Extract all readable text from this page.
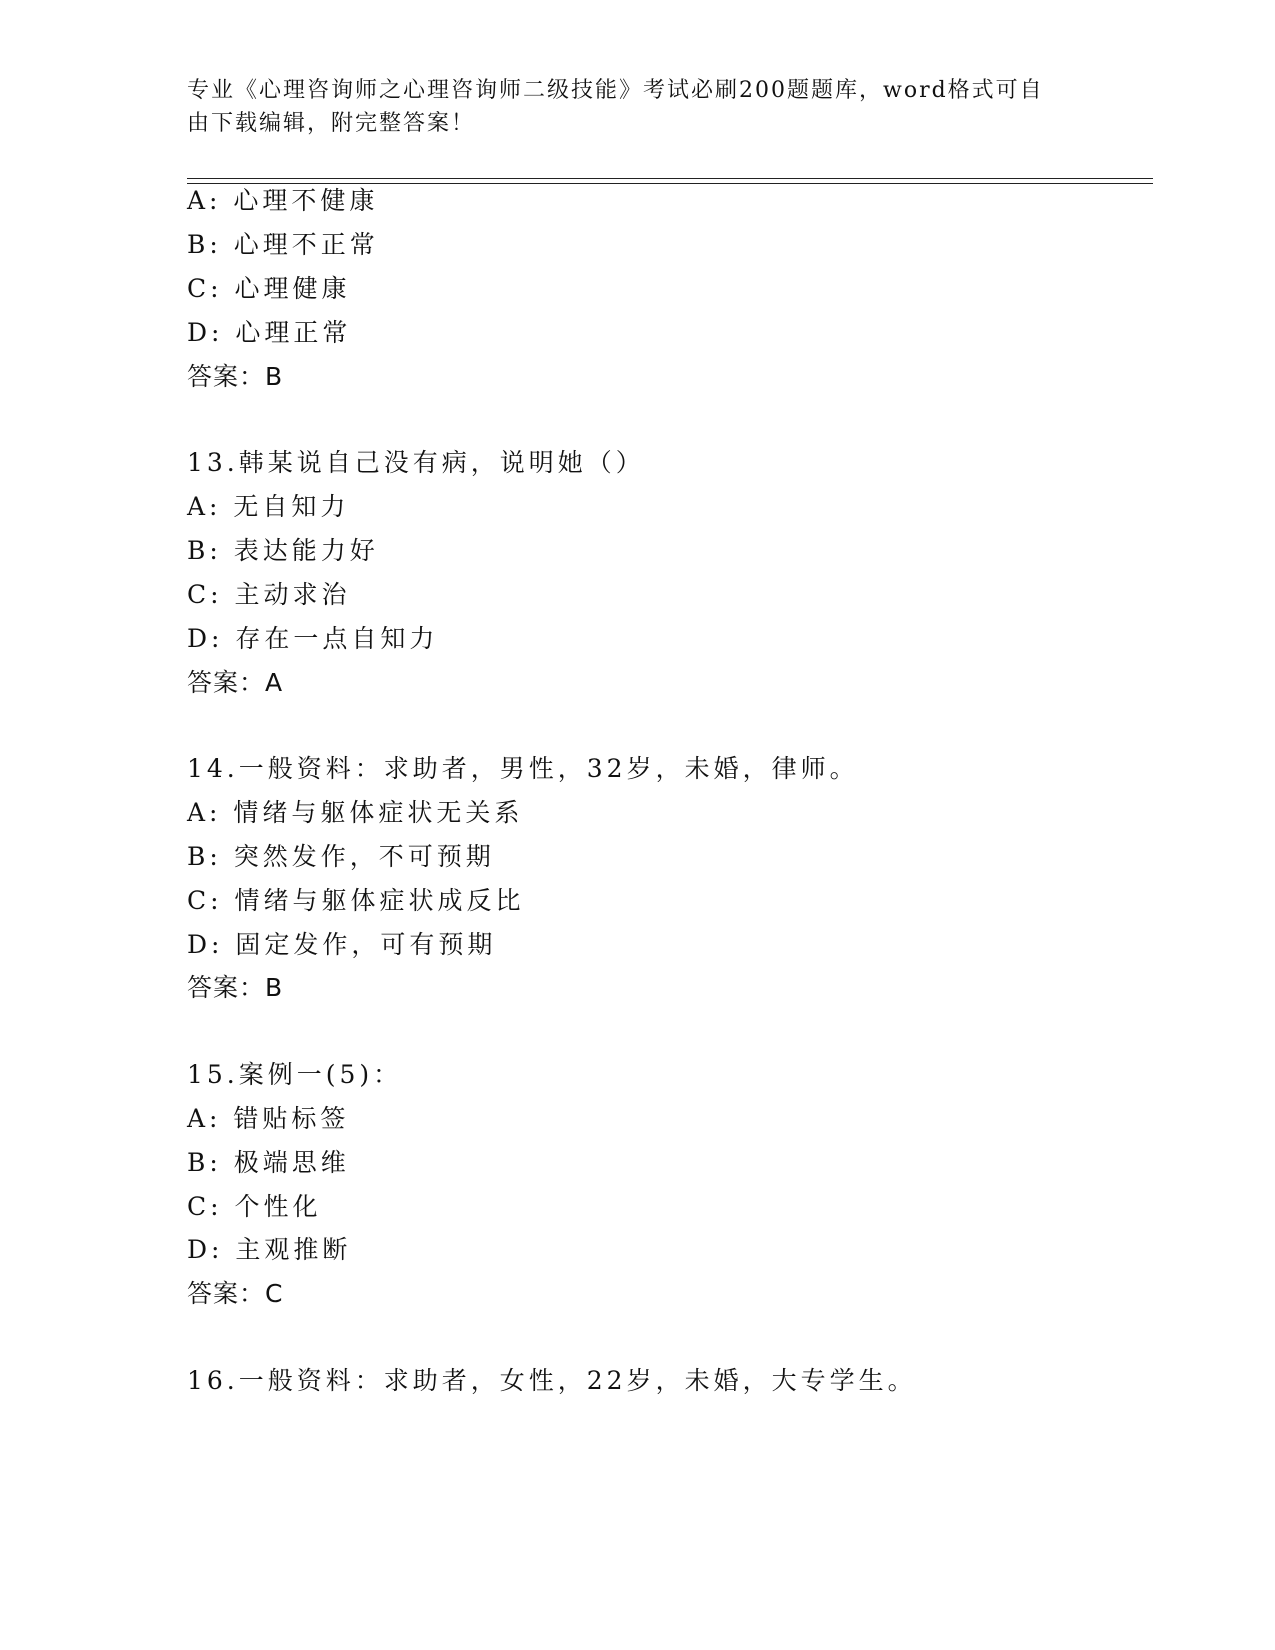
专业《心理咨询师之心理咨询师二级技能》考试必刷200题题库，word格式可自
由下载编辑，附完整答案！
A: 心理不健康
B: 心理不正常
C: 心理健康
D: 心理正常
答案：B
13.韩某说自己没有病，说明她（）
A: 无自知力
B: 表达能力好
C: 主动求治
D: 存在一点自知力
答案：A
14.一般资料：求助者，男性，32岁，未婚，律师。
A: 情绪与躯体症状无关系
B: 突然发作，不可预期
C: 情绪与躯体症状成反比
D: 固定发作，可有预期
答案：B
15.案例一(5)：
A: 错贴标签
B: 极端思维
C: 个性化
D: 主观推断
答案：C
16.一般资料：求助者，女性，22岁，未婚，大专学生。
